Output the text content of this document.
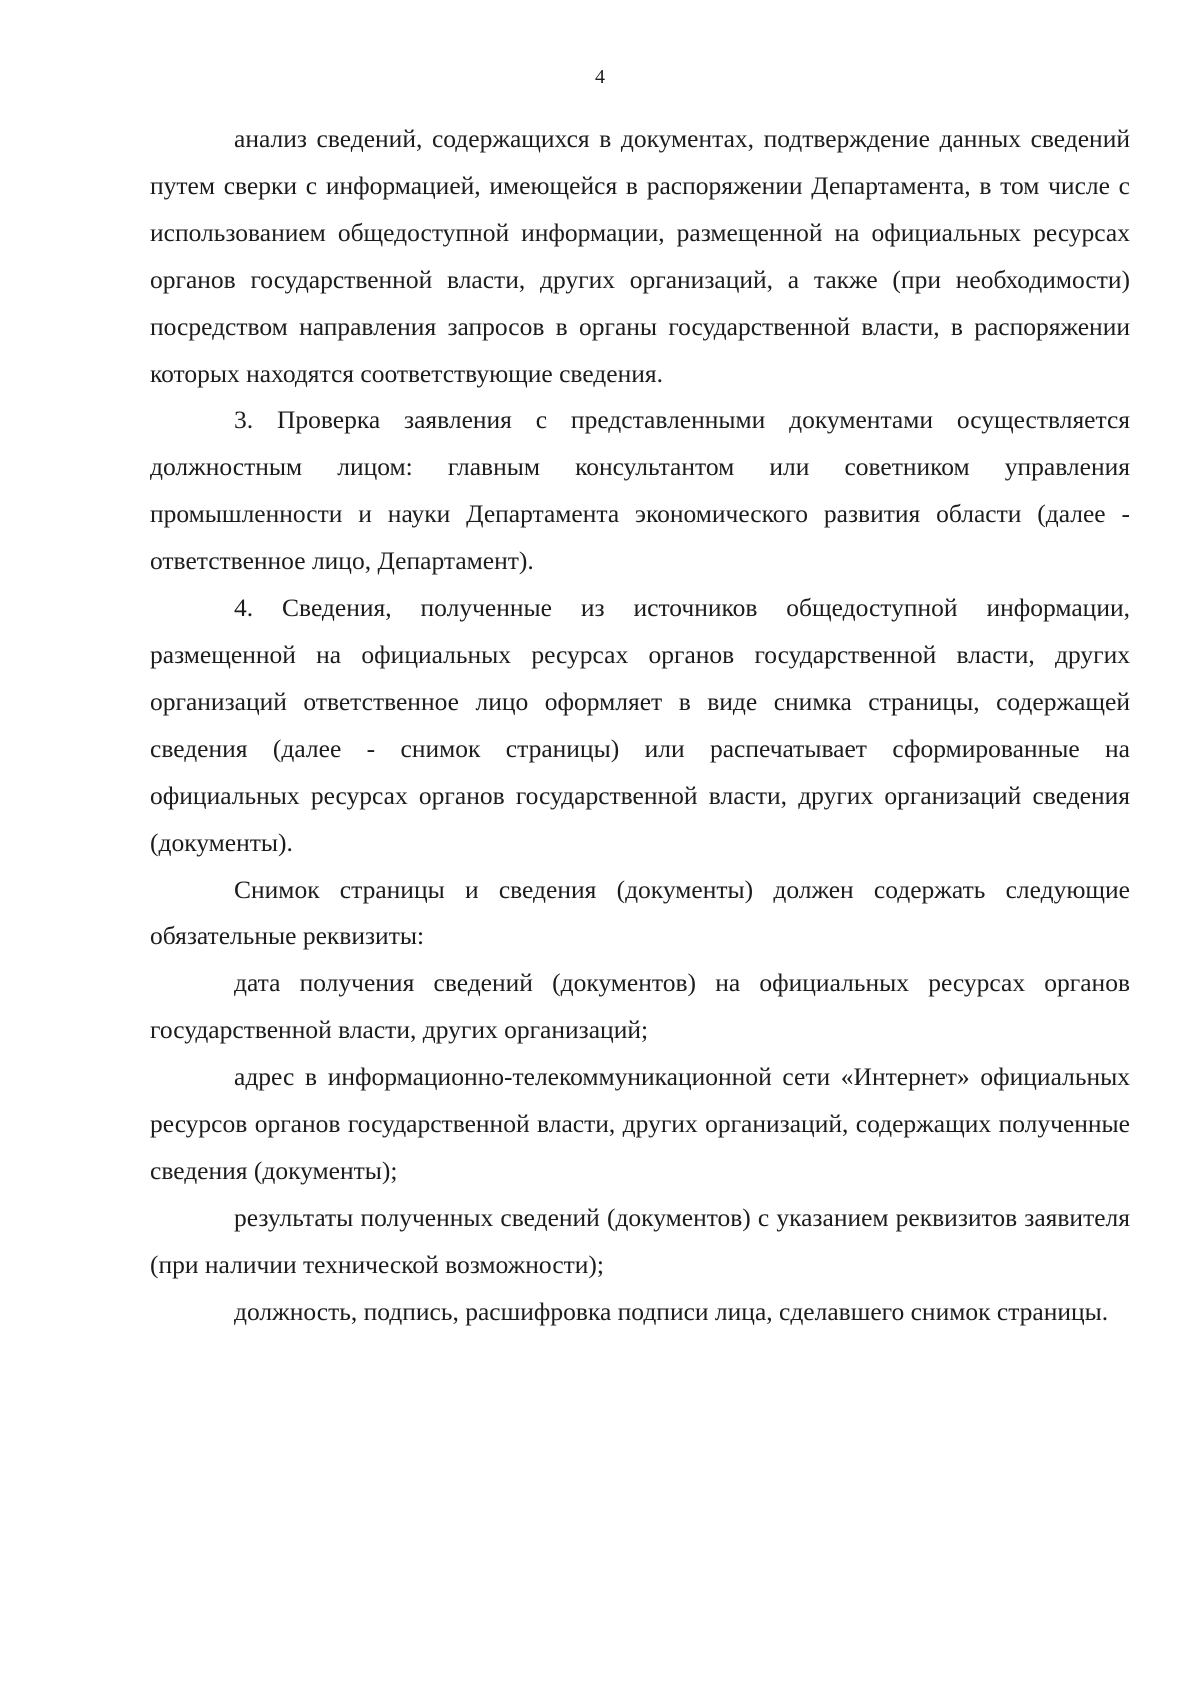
4

анализ сведений, содержащихся в документах, подтверждение данных сведений путем сверки с информацией, имеющейся в распоряжении Департамента, в том числе с использованием общедоступной информации, размещенной на официальных ресурсах органов государственной власти, других организаций, а также (при необходимости) посредством направления запросов в органы государственной власти, в распоряжении которых находятся соответствующие сведения.

3. Проверка заявления с представленными документами осуществляется должностным лицом: главным консультантом или советником управления промышленности и науки Департамента экономического развития области (далее - ответственное лицо, Департамент).

4. Сведения, полученные из источников общедоступной информации, размещенной на официальных ресурсах органов государственной власти, других организаций ответственное лицо оформляет в виде снимка страницы, содержащей сведения (далее - снимок страницы) или распечатывает сформированные на официальных ресурсах органов государственной власти, других организаций сведения (документы).

Снимок страницы и сведения (документы) должен содержать следующие обязательные реквизиты:

дата получения сведений (документов) на официальных ресурсах органов государственной власти, других организаций;

адрес в информационно-телекоммуникационной сети «Интернет» официальных ресурсов органов государственной власти, других организаций, содержащих полученные сведения (документы);

результаты полученных сведений (документов) с указанием реквизитов заявителя (при наличии технической возможности);

должность, подпись, расшифровка подписи лица, сделавшего снимок страницы.
